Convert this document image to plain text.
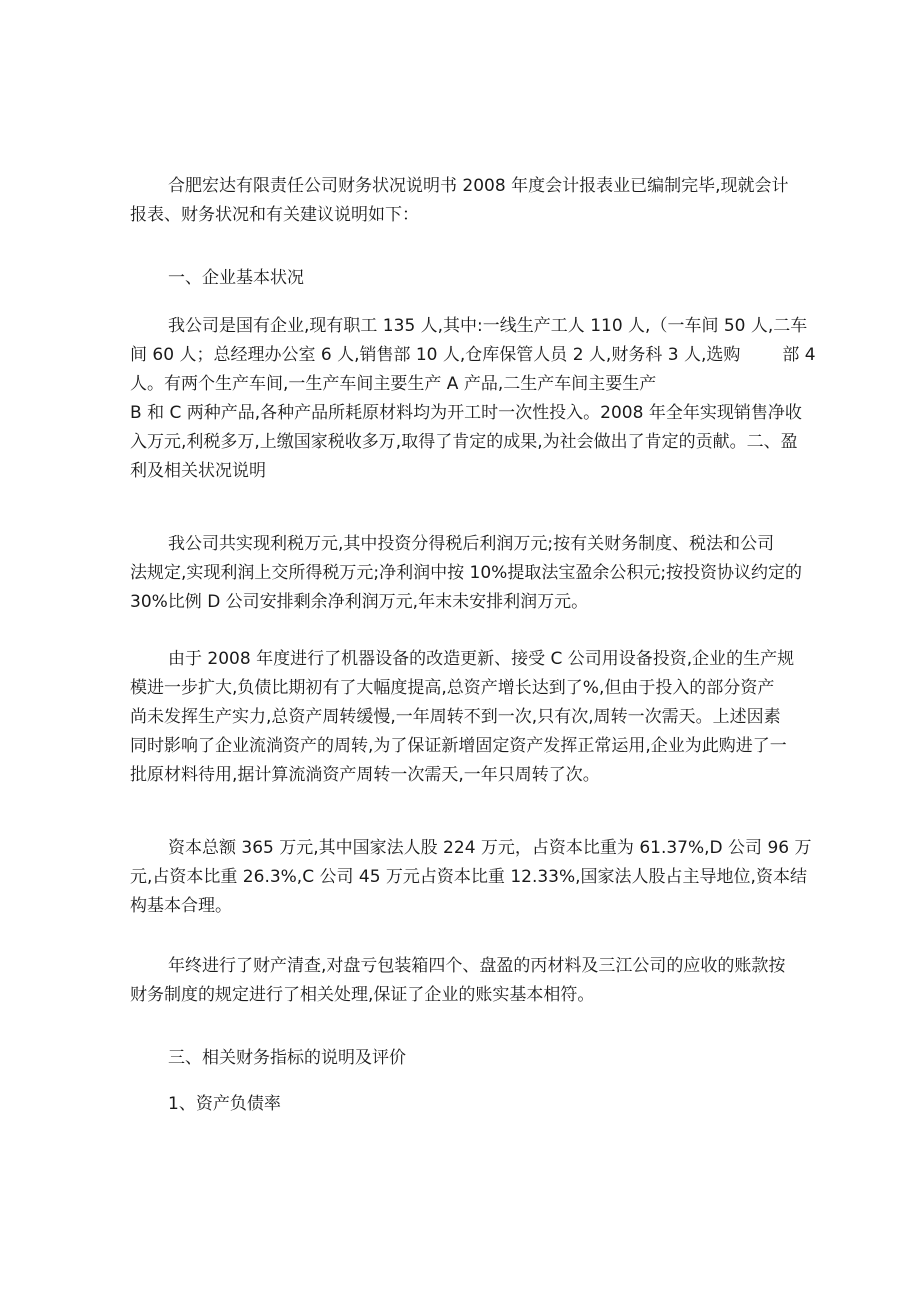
合肥宏达有限责任公司财务状况说明书 2008 年度会计报表业已编制完毕,现就会计
报表、财务状况和有关建议说明如下：
一、企业基本状况
我公司是国有企业,现有职工 135 人,其中:一线生产工人 110 人,（一车间 50 人,二车
间 60 人；总经理办公室 6 人,销售部 10 人,仓库保管人员 2 人,财务科 3 人,选购 部 4
人。有两个生产车间,一生产车间主要生产 A 产品,二生产车间主要生产
B 和 C 两种产品,各种产品所耗原材料均为开工时一次性投入。2008 年全年实现销售净收
入万元,利税多万,上缴国家税收多万,取得了肯定的成果,为社会做出了肯定的贡献。二、盈
利及相关状况说明
我公司共实现利税万元,其中投资分得税后利润万元;按有关财务制度、税法和公司
法规定,实现利润上交所得税万元;净利润中按 10%提取法宝盈余公积元;按投资协议约定的
30%比例 D 公司安排剩余净利润万元,年末未安排利润万元。
由于 2008 年度进行了机器设备的改造更新、接受 C 公司用设备投资,企业的生产规
模进一步扩大,负债比期初有了大幅度提高,总资产增长达到了%,但由于投入的部分资产
尚未发挥生产实力,总资产周转缓慢,一年周转不到一次,只有次,周转一次需天。上述因素
同时影响了企业流淌资产的周转,为了保证新增固定资产发挥正常运用,企业为此购进了一
批原材料待用,据计算流淌资产周转一次需天,一年只周转了次。
资本总额 365 万元,其中国家法人股 224 万元，占资本比重为 61.37%,D 公司 96 万
元,占资本比重 26.3%,C 公司 45 万元占资本比重 12.33%,国家法人股占主导地位,资本结
构基本合理。
年终进行了财产清查,对盘亏包装箱四个、盘盈的丙材料及三江公司的应收的账款按
财务制度的规定进行了相关处理,保证了企业的账实基本相符。
三、相关财务指标的说明及评价
1、资产负债率
